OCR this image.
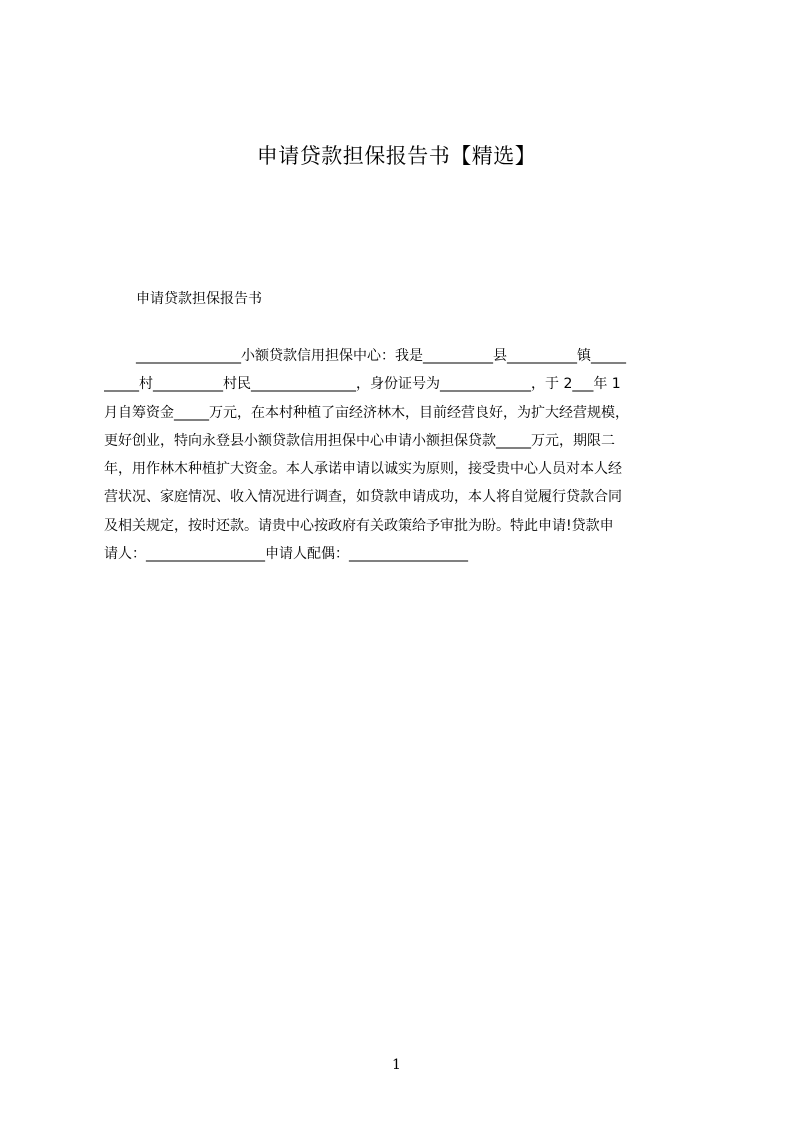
申请贷款担保报告书【精选】

申请贷款担保报告书

_______________小额贷款信用担保中心：我是__________县__________镇_____
_____村__________村民_______________，身份证号为_____________，于 2___年 1
月自筹资金_____万元，在本村种植了亩经济林木，目前经营良好，为扩大经营规模，
更好创业，特向永登县小额贷款信用担保中心申请小额担保贷款_____万元，期限二
年，用作林木种植扩大资金。本人承诺申请以诚实为原则，接受贵中心人员对本人经
营状况、家庭情况、收入情况进行调查，如贷款申请成功，本人将自觉履行贷款合同
及相关规定，按时还款。请贵中心按政府有关政策给予审批为盼。特此申请!贷款申
请人：_________________申请人配偶：_________________

1
